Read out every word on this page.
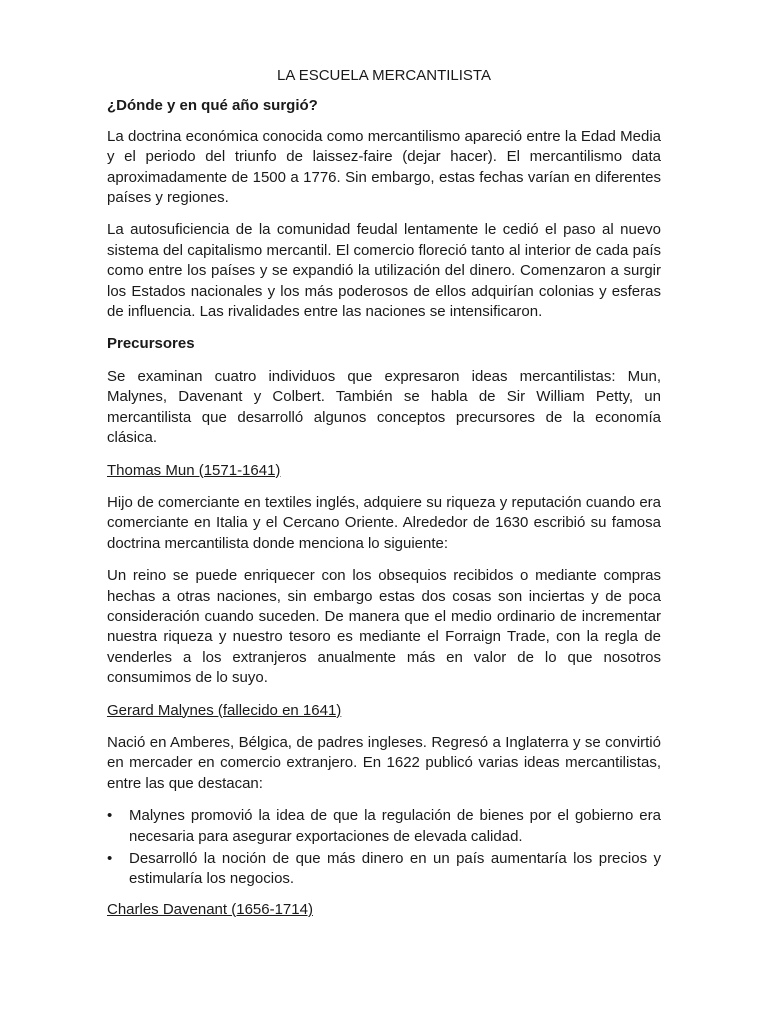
LA ESCUELA MERCANTILISTA
¿Dónde y en qué año surgió?

La doctrina económica conocida como mercantilismo apareció entre la Edad Media y el periodo del triunfo de laissez-faire (dejar hacer). El mercantilismo data aproximadamente de 1500 a 1776. Sin embargo, estas fechas varían en diferentes países y regiones.

La autosuficiencia de la comunidad feudal lentamente le cedió el paso al nuevo sistema del capitalismo mercantil. El comercio floreció tanto al interior de cada país como entre los países y se expandió la utilización del dinero. Comenzaron a surgir los Estados nacionales y los más poderosos de ellos adquirían colonias y esferas de influencia. Las rivalidades entre las naciones se intensificaron.

Precursores

Se examinan cuatro individuos que expresaron ideas mercantilistas: Mun, Malynes, Davenant y Colbert. También se habla de Sir William Petty, un mercantilista que desarrolló algunos conceptos precursores de la economía clásica.

Thomas Mun (1571-1641)

Hijo de comerciante en textiles inglés, adquiere su riqueza y reputación cuando era comerciante en Italia y el Cercano Oriente. Alrededor de 1630 escribió su famosa doctrina mercantilista donde menciona lo siguiente:

Un reino se puede enriquecer con los obsequios recibidos o mediante compras hechas a otras naciones, sin embargo estas dos cosas son inciertas y de poca consideración cuando suceden. De manera que el medio ordinario de incrementar nuestra riqueza y nuestro tesoro es mediante el Forraign Trade, con la regla de venderles a los extranjeros anualmente más en valor de lo que nosotros consumimos de lo suyo.

Gerard Malynes (fallecido en 1641)

Nació en Amberes, Bélgica, de padres ingleses. Regresó a Inglaterra y se convirtió en mercader en comercio extranjero. En 1622 publicó varias ideas mercantilistas, entre las que destacan:

• Malynes promovió la idea de que la regulación de bienes por el gobierno era necesaria para asegurar exportaciones de elevada calidad.
• Desarrolló la noción de que más dinero en un país aumentaría los precios y estimularía los negocios.
Charles Davenant (1656-1714)
